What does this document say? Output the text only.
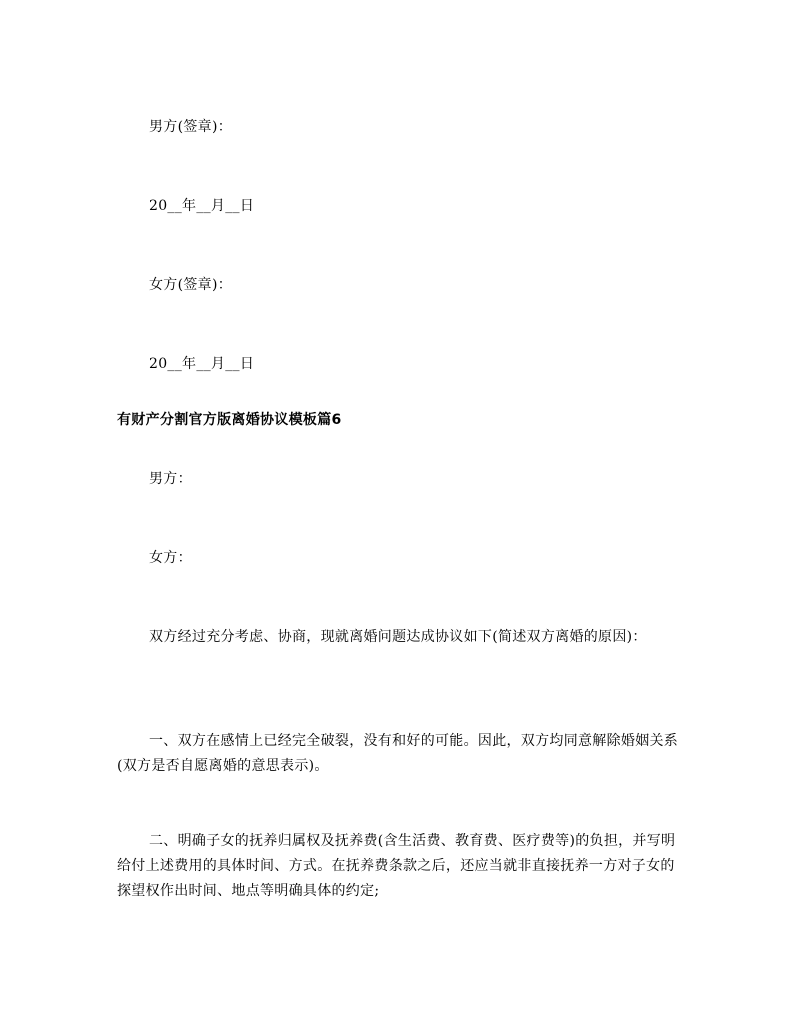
男方(签章)：
20__年__月__日
女方(签章)：
20__年__月__日
有财产分割官方版离婚协议模板篇6
男方：
女方：
双方经过充分考虑、协商，现就离婚问题达成协议如下(简述双方离婚的原因)：
一、双方在感情上已经完全破裂，没有和好的可能。因此，双方均同意解除婚姻关系(双方是否自愿离婚的意思表示)。
二、明确子女的抚养归属权及抚养费(含生活费、教育费、医疗费等)的负担，并写明给付上述费用的具体时间、方式。在抚养费条款之后，还应当就非直接抚养一方对子女的探望权作出时间、地点等明确具体的约定;
